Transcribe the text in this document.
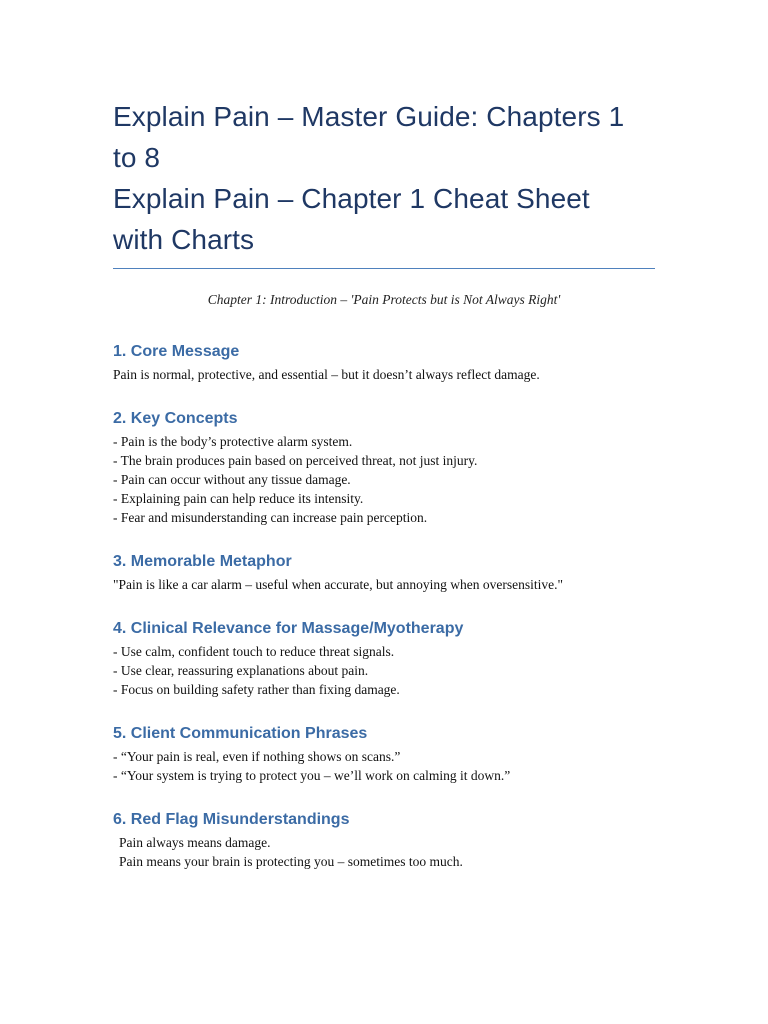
Explain Pain – Master Guide: Chapters 1
to 8
Explain Pain – Chapter 1 Cheat Sheet
with Charts

Chapter 1: Introduction – 'Pain Protects but is Not Always Right'

1. Core Message

Pain is normal, protective, and essential – but it doesn’t always reflect damage.

2. Key Concepts

- Pain is the body’s protective alarm system.
- The brain produces pain based on perceived threat, not just injury.
- Pain can occur without any tissue damage.
- Explaining pain can help reduce its intensity.
- Fear and misunderstanding can increase pain perception.

3. Memorable Metaphor

"Pain is like a car alarm – useful when accurate, but annoying when oversensitive."

4. Clinical Relevance for Massage/Myotherapy

- Use calm, confident touch to reduce threat signals.
- Use clear, reassuring explanations about pain.
- Focus on building safety rather than fixing damage.

5. Client Communication Phrases

- “Your pain is real, even if nothing shows on scans.”
- “Your system is trying to protect you – we’ll work on calming it down.”

6. Red Flag Misunderstandings

Pain always means damage.
Pain means your brain is protecting you – sometimes too much.
